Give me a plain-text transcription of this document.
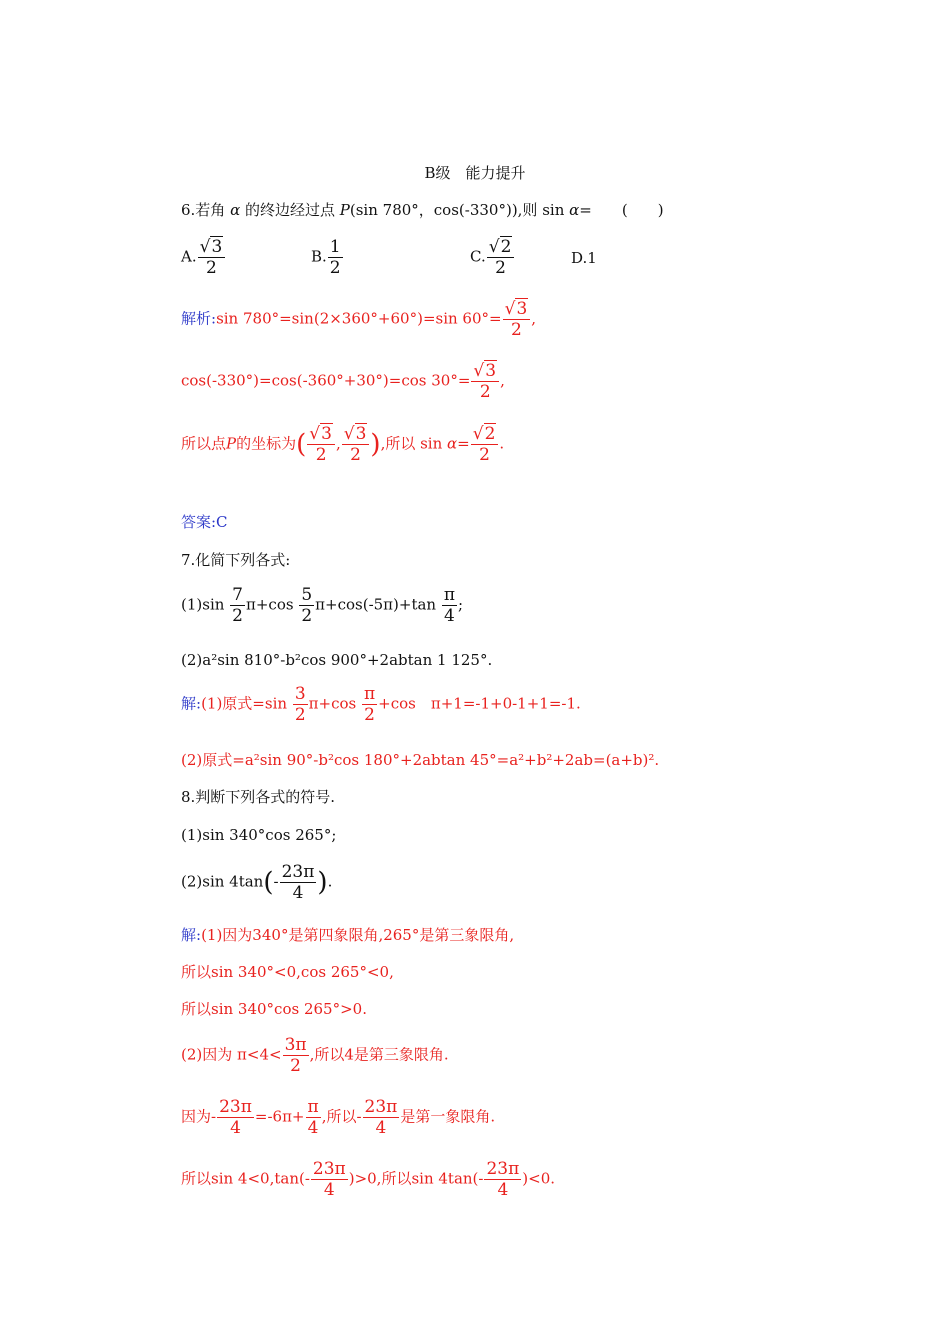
B级　能力提升
6.若角 α 的终边经过点 P(sin 780°，cos(-330°)),则 sin α=　　(　　)
A. $\frac{√3}{2}$	B. $\frac{1}{2}$	C. $\frac{√2}{2}$	D.1
解析:sin 780°=sin(2×360°+60°)=sin $60^\circ= \frac{√3}{2}$ ,
cos(-330°)=cos(-360°+30°)=cos $30^\circ= \frac{√3}{2}$ ,
所以点P的坐标为( $\frac{√3}{2}$ , $\frac{√3}{2}$ ),所以 $\sin \alpha= \frac{√2}{2}$ .
答案:C
7.化简下列各式:
$(1)\sin \frac{7}{2} \pi+\cos \frac{5}{2} \pi+\cos(-5\pi)+\tan \frac{\pi}{4}$ ;
(2)a²sin 810°-b²cos 900°+2abtan 1 125°.
解:(1)原式$=\sin \frac{3}{2} \pi+\cos \frac{\pi}{2} +\cos$　π+1=-1+0-1+1=-1.
(2)原式=a²sin 90°-b²cos 180°+2abtan 45°=a²+b²+2ab=(a+b)².
8.判断下列各式的符号.
(1)sin 340°cos 265°;
(2)sin $4\tan(- \frac{23\pi}{4}$ ).
解:(1)因为340°是第四象限角,265°是第三象限角,
所以sin 340°<0,cos 265°<0,
所以sin 340°cos 265°>0.
(2)因为 $\pi<4< \frac{3\pi}{2}$ ,所以4是第三象限角.
因为- $\frac{23\pi}{4} =-6\pi+ \frac{\pi}{4}$ ,所以- $\frac{23\pi}{4}$ 是第一象限角.
所以$\sin 4<0,\tan(- \frac{23\pi}{4} )>0$,所以$\sin 4\tan(- \frac{23\pi}{4} )<0$.
